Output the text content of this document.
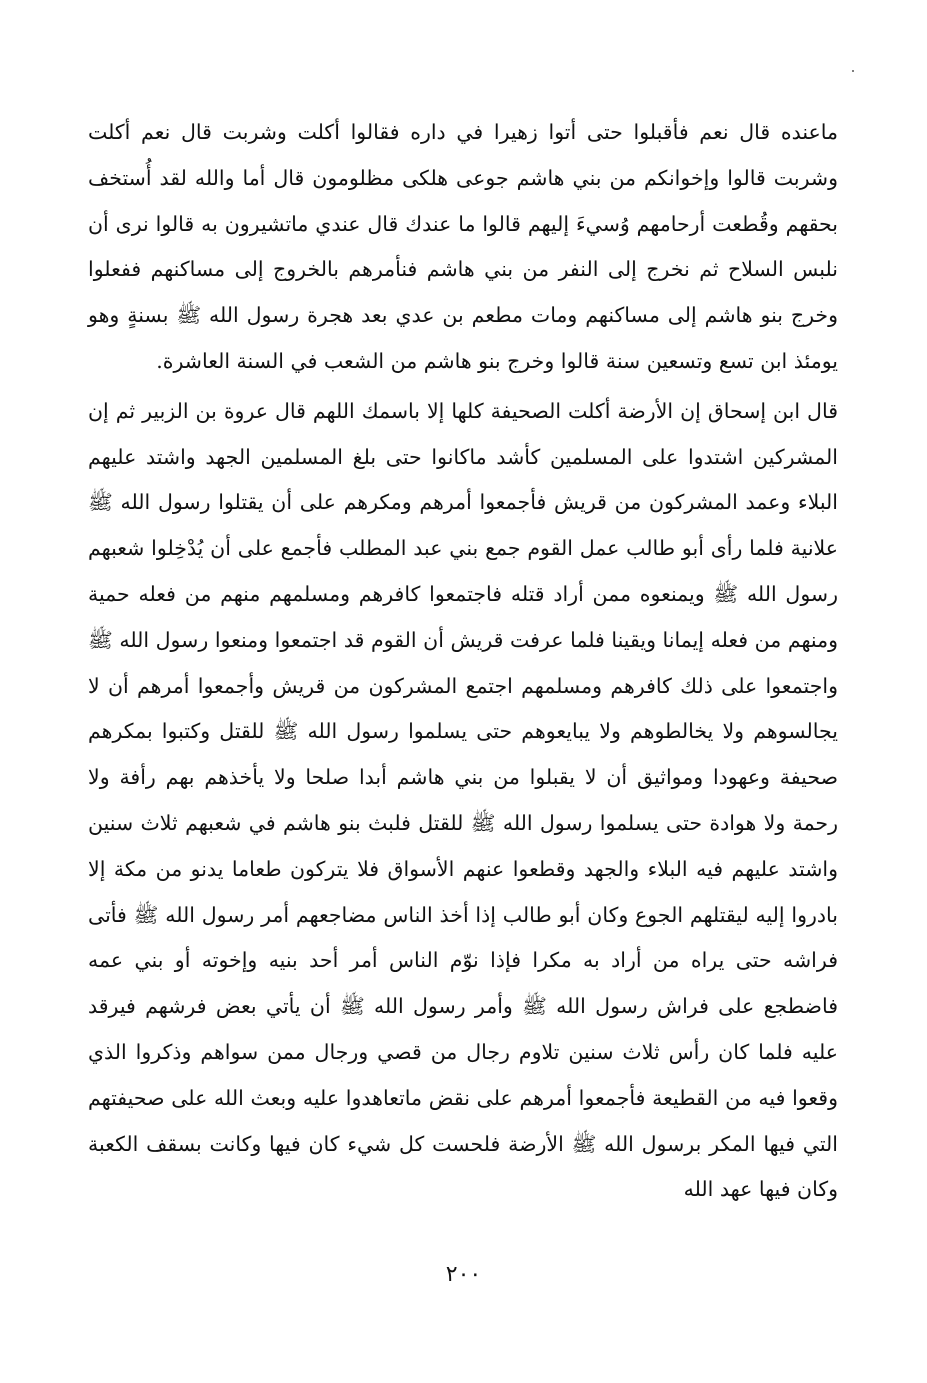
ماعنده قال نعم فأقبلوا حتى أتوا زهيرا في داره فقالوا أكلت وشربت قال نعم أكلت وشربت قالوا وإخوانكم من بني هاشم جوعى هلكى مظلومون قال أما والله لقد أُستخف بحقهم وقُطعت أرحامهم وُسيءَ إليهم قالوا ما عندك قال عندي ماتشيرون به قالوا نرى أن نلبس السلاح ثم نخرج إلى النفر من بني هاشم فنأمرهم بالخروج إلى مساكنهم ففعلوا وخرج بنو هاشم إلى مساكنهم ومات مطعم بن عدي بعد هجرة رسول الله ﷺ بسنةٍ وهو يومئذ ابن تسع وتسعين سنة قالوا وخرج بنو هاشم من الشعب في السنة العاشرة.

قال ابن إسحاق إن الأرضة أكلت الصحيفة كلها إلا باسمك اللهم قال عروة بن الزبير ثم إن المشركين اشتدوا على المسلمين كأشد ماكانوا حتى بلغ المسلمين الجهد واشتد عليهم البلاء وعمد المشركون من قريش فأجمعوا أمرهم ومكرهم على أن يقتلوا رسول الله ﷺ علانية فلما رأى أبو طالب عمل القوم جمع بني عبد المطلب فأجمع على أن يُدْخِلوا شعبهم رسول الله ﷺ ويمنعوه ممن أراد قتله فاجتمعوا كافرهم ومسلمهم منهم من فعله حمية ومنهم من فعله إيمانا ويقينا فلما عرفت قريش أن القوم قد اجتمعوا ومنعوا رسول الله ﷺ واجتمعوا على ذلك كافرهم ومسلمهم اجتمع المشركون من قريش وأجمعوا أمرهم أن لا يجالسوهم ولا يخالطوهم ولا يبايعوهم حتى يسلموا رسول الله ﷺ للقتل وكتبوا بمكرهم صحيفة وعهودا ومواثيق أن لا يقبلوا من بني هاشم أبدا صلحا ولا يأخذهم بهم رأفة ولا رحمة ولا هوادة حتى يسلموا رسول الله ﷺ للقتل فلبث بنو هاشم في شعبهم ثلاث سنين واشتد عليهم فيه البلاء والجهد وقطعوا عنهم الأسواق فلا يتركون طعاما يدنو من مكة إلا بادروا إليه ليقتلهم الجوع وكان أبو طالب إذا أخذ الناس مضاجعهم أمر رسول الله ﷺ فأتى فراشه حتى يراه من أراد به مكرا فإذا نوّم الناس أمر أحد بنيه وإخوته أو بني عمه فاضطجع على فراش رسول الله ﷺ وأمر رسول الله ﷺ أن يأتي بعض فرشهم فيرقد عليه فلما كان رأس ثلاث سنين تلاوم رجال من قصي ورجال ممن سواهم وذكروا الذي وقعوا فيه من القطيعة فأجمعوا أمرهم على نقض ماتعاهدوا عليه وبعث الله على صحيفتهم التي فيها المكر برسول الله ﷺ الأرضة فلحست كل شيء كان فيها وكانت بسقف الكعبة وكان فيها عهد الله

٢٠٠
